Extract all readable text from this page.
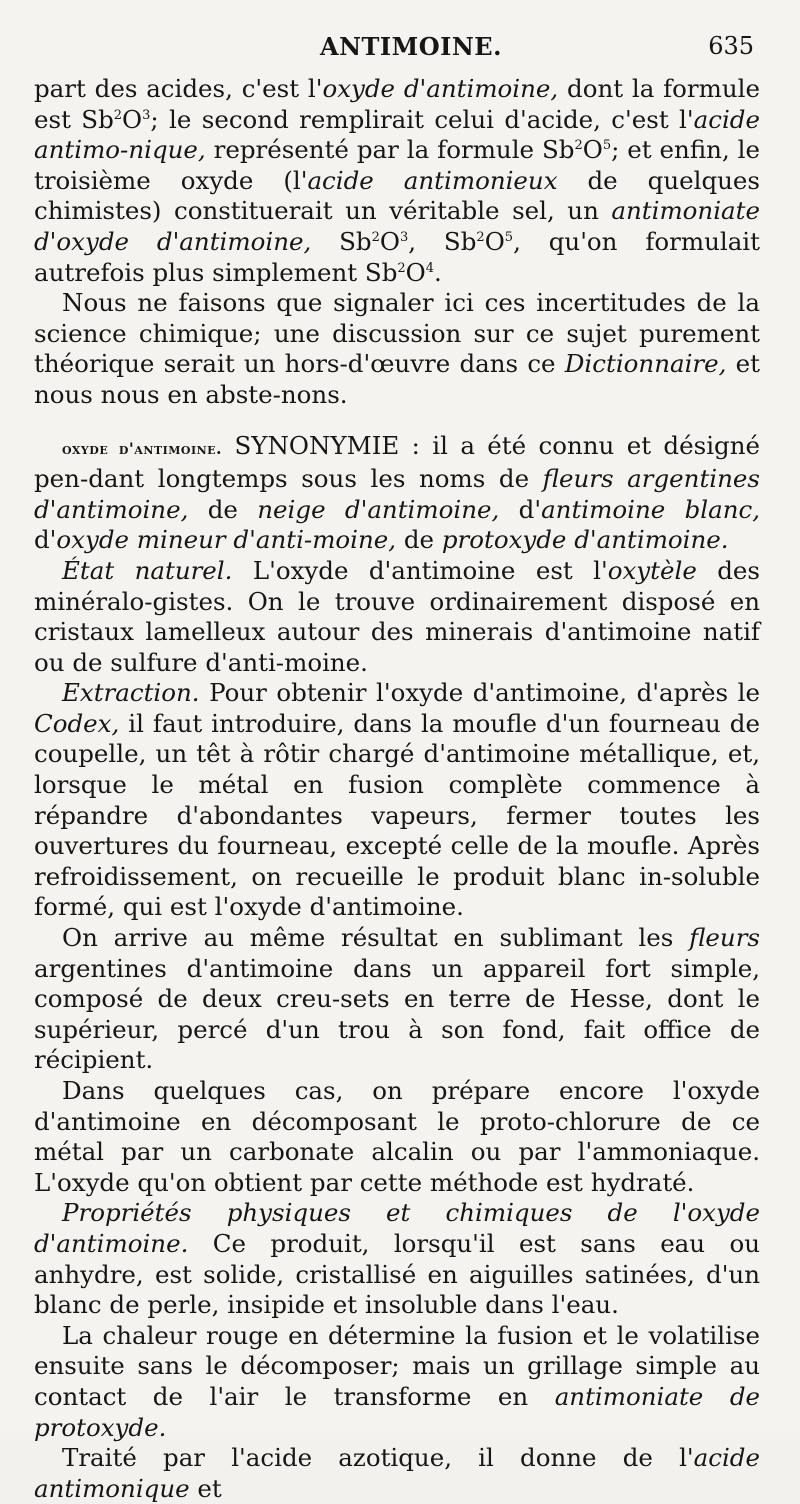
ANTIMOINE.	635

part des acides, c'est l'oxyde d'antimoine, dont la formule est $Sb^2O^3$; le second remplirait celui d'acide, c'est l'acide antimo-nique, représenté par la formule $Sb^2O^5$; et enfin, le troisième oxyde (l'acide antimonieux de quelques chimistes) constituerait un véritable sel, un antimoniate d'oxyde d'antimoine, $Sb^2O^3$, $Sb^2O^5$, qu'on formulait autrefois plus simplement $Sb^2O^4$.

Nous ne faisons que signaler ici ces incertitudes de la science chimique; une discussion sur ce sujet purement théorique serait un hors-d'œuvre dans ce Dictionnaire, et nous nous en abste-nons.

oxyde d'antimoine. SYNONYMIE : il a été connu et désigné pen-dant longtemps sous les noms de fleurs argentines d'antimoine, de neige d'antimoine, d'antimoine blanc, d'oxyde mineur d'anti-moine, de protoxyde d'antimoine.

État naturel. L'oxyde d'antimoine est l'oxytèle des minéralo-gistes. On le trouve ordinairement disposé en cristaux lamelleux autour des minerais d'antimoine natif ou de sulfure d'anti-moine.

Extraction. Pour obtenir l'oxyde d'antimoine, d'après le Codex, il faut introduire, dans la moufle d'un fourneau de coupelle, un têt à rôtir chargé d'antimoine métallique, et, lorsque le métal en fusion complète commence à répandre d'abondantes vapeurs, fermer toutes les ouvertures du fourneau, excepté celle de la moufle. Après refroidissement, on recueille le produit blanc in-soluble formé, qui est l'oxyde d'antimoine.

On arrive au même résultat en sublimant les fleurs argentines d'antimoine dans un appareil fort simple, composé de deux creu-sets en terre de Hesse, dont le supérieur, percé d'un trou à son fond, fait office de récipient.

Dans quelques cas, on prépare encore l'oxyde d'antimoine en décomposant le proto-chlorure de ce métal par un carbonate alcalin ou par l'ammoniaque. L'oxyde qu'on obtient par cette méthode est hydraté.

Propriétés physiques et chimiques de l'oxyde d'antimoine. Ce produit, lorsqu'il est sans eau ou anhydre, est solide, cristallisé en aiguilles satinées, d'un blanc de perle, insipide et insoluble dans l'eau.

La chaleur rouge en détermine la fusion et le volatilise ensuite sans le décomposer; mais un grillage simple au contact de l'air le transforme en antimoniate de protoxyde.

Traité par l'acide azotique, il donne de l'acide antimonique et
